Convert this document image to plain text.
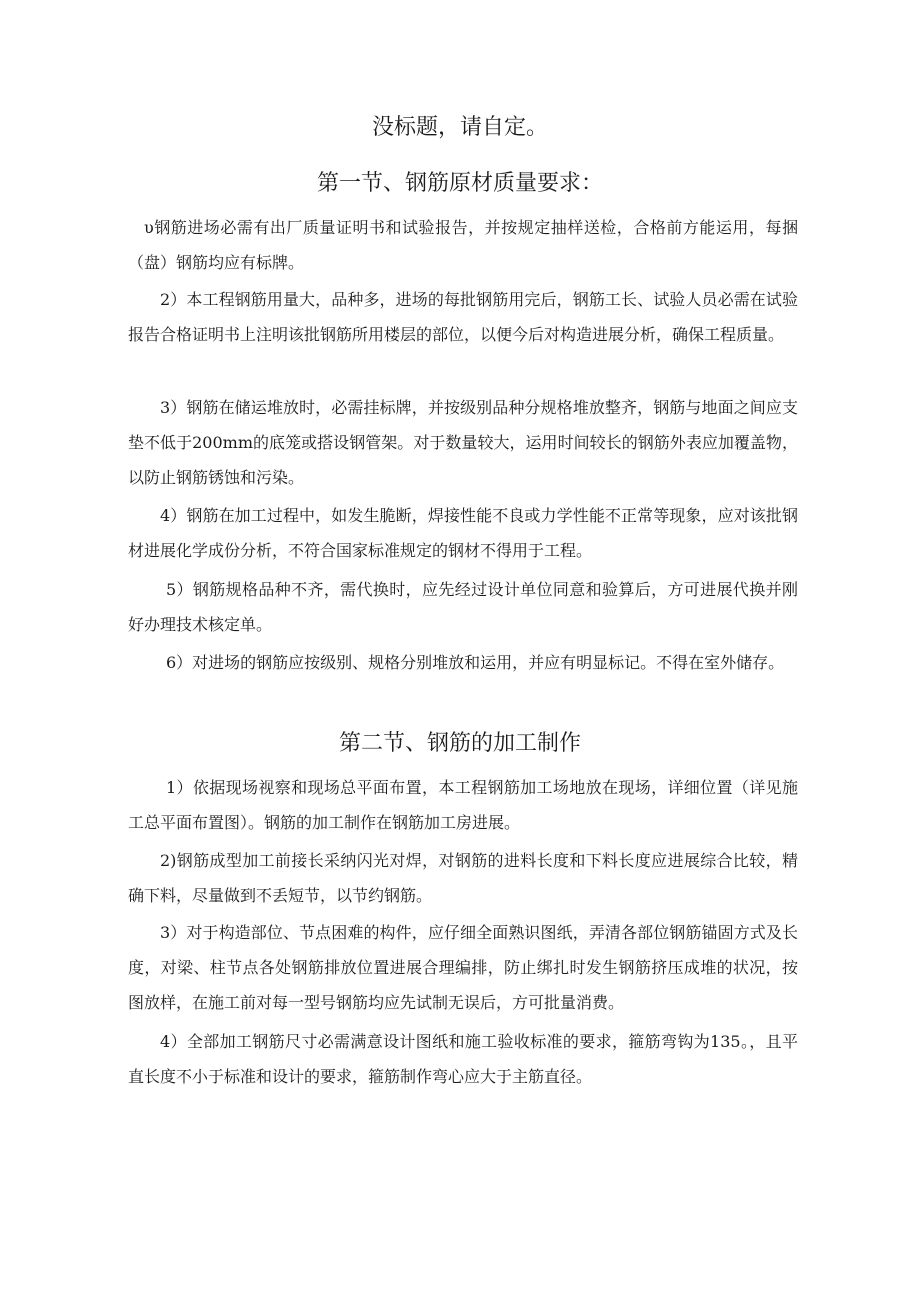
没标题，请自定。
第一节、钢筋原材质量要求：

υ钢筋进场必需有出厂质量证明书和试验报告，并按规定抽样送检，合格前方能运用，每捆（盘）钢筋均应有标牌。

2）本工程钢筋用量大，品种多，进场的每批钢筋用完后，钢筋工长、试验人员必需在试验报告合格证明书上注明该批钢筋所用楼层的部位，以便今后对构造进展分析，确保工程质量。

3）钢筋在储运堆放时，必需挂标牌，并按级别品种分规格堆放整齐，钢筋与地面之间应支垫不低于200mm的底笼或搭设钢管架。对于数量较大，运用时间较长的钢筋外表应加覆盖物，以防止钢筋锈蚀和污染。

4）钢筋在加工过程中，如发生脆断，焊接性能不良或力学性能不正常等现象，应对该批钢材进展化学成份分析，不符合国家标准规定的钢材不得用于工程。

5）钢筋规格品种不齐，需代换时，应先经过设计单位同意和验算后，方可进展代换并刚好办理技术核定单。

6）对进场的钢筋应按级别、规格分别堆放和运用，并应有明显标记。不得在室外储存。

第二节、钢筋的加工制作

1）依据现场视察和现场总平面布置，本工程钢筋加工场地放在现场，详细位置（详见施工总平面布置图）。钢筋的加工制作在钢筋加工房进展。

2)钢筋成型加工前接长采纳闪光对焊，对钢筋的进料长度和下料长度应进展综合比较，精确下料，尽量做到不丢短节，以节约钢筋。

3）对于构造部位、节点困难的构件，应仔细全面熟识图纸，弄清各部位钢筋锚固方式及长度，对梁、柱节点各处钢筋排放位置进展合理编排，防止绑扎时发生钢筋挤压成堆的状况，按图放样，在施工前对每一型号钢筋均应先试制无误后，方可批量消费。

4）全部加工钢筋尺寸必需满意设计图纸和施工验收标准的要求，箍筋弯钩为135。，且平直长度不小于标准和设计的要求，箍筋制作弯心应大于主筋直径。
